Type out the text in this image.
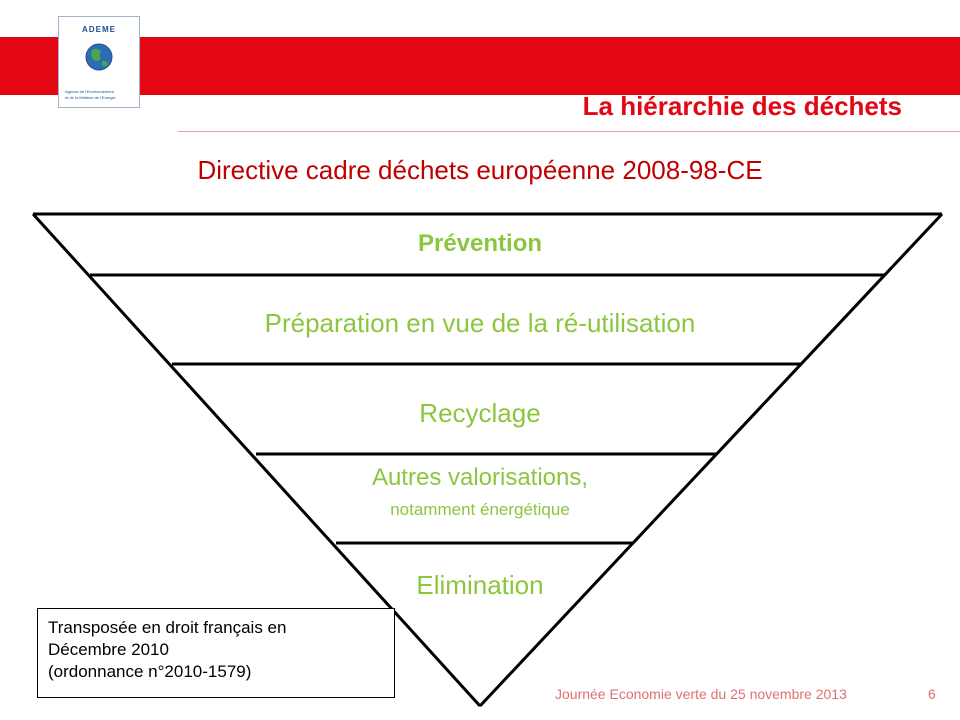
ADEME
Agence de l'Environnement
et de la Maîtrise de l'Energie	La hiérarchie des déchets
Directive cadre déchets européenne 2008-98-CE
Prévention
Préparation en vue de la ré-utilisation
Recyclage
Autres valorisations,
notamment énergétique
Elimination
Transposée en droit français en
Décembre 2010
(ordonnance n°2010-1579)
Journée Economie verte du 25 novembre 2013	6
